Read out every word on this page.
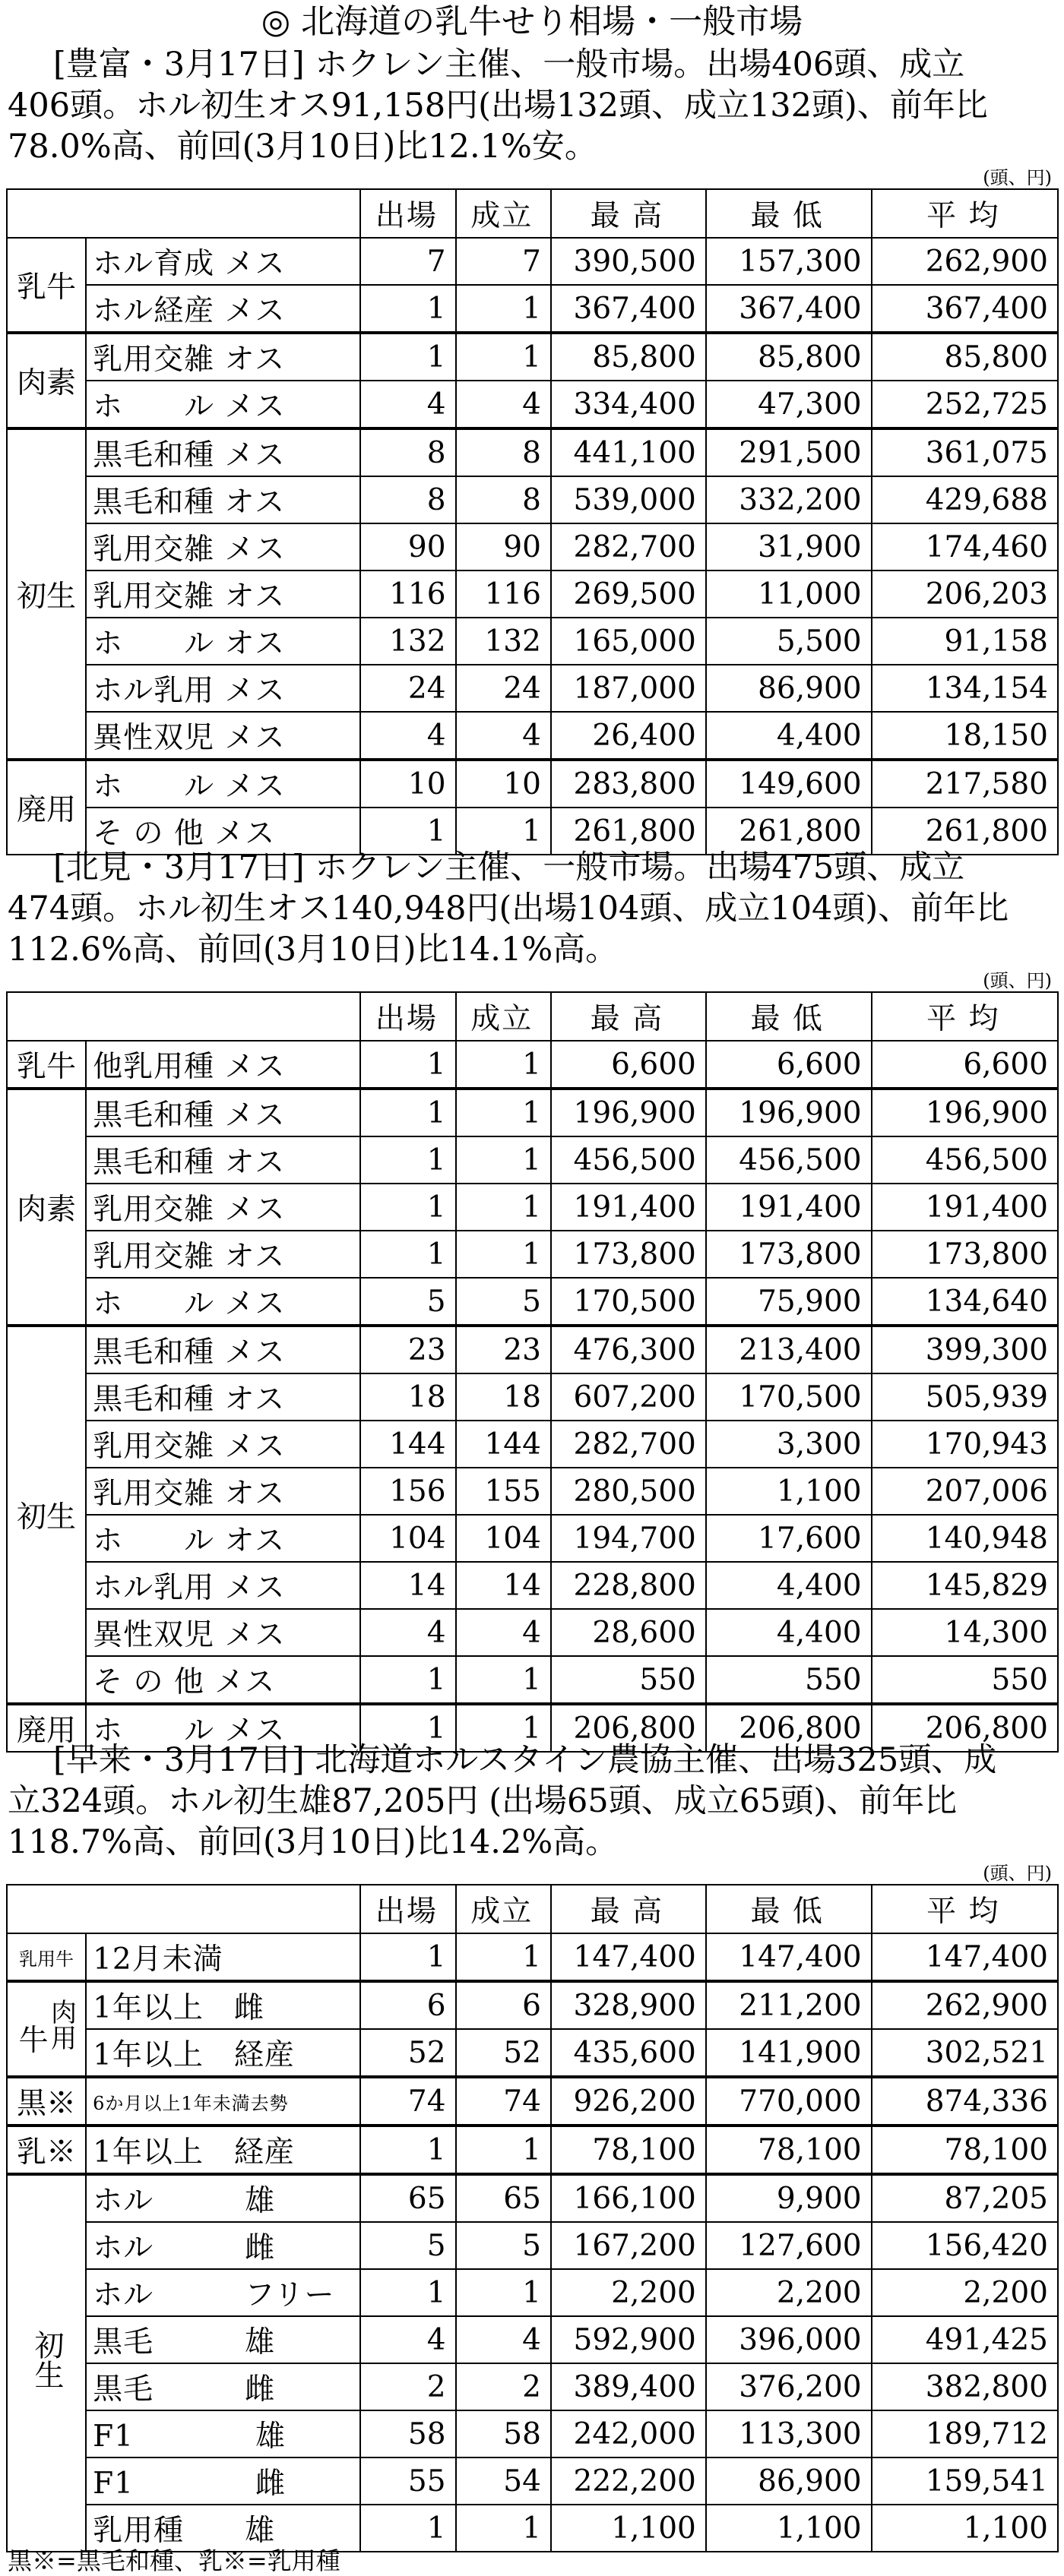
◎ 北海道の乳牛せり相場・一般市場

[豊富・3月17日] ホクレン主催、一般市場。出場406頭、成立
406頭。ホル初生オス91,158円(出場132頭、成立132頭)、前年比
78.0%高、前回(3月10日)比12.1%安。

(頭、円)
		出場	成立	最 高	最 低	平 均
乳牛	ホル育成 メス	7	7	390,500	157,300	262,900
	ホル経産 メス	1	1	367,400	367,400	367,400
肉素	乳用交雑 オス	1	1	85,800	85,800	85,800
	ホ　　ル メス	4	4	334,400	47,300	252,725
初生	黒毛和種 メス	8	8	441,100	291,500	361,075
	黒毛和種 オス	8	8	539,000	332,200	429,688
	乳用交雑 メス	90	90	282,700	31,900	174,460
	乳用交雑 オス	116	116	269,500	11,000	206,203
	ホ　　ル オス	132	132	165,000	5,500	91,158
	ホル乳用 メス	24	24	187,000	86,900	134,154
	異性双児 メス	4	4	26,400	4,400	18,150
廃用	ホ　　ル メス	10	10	283,800	149,600	217,580
	そ の 他 メス	1	1	261,800	261,800	261,800

[北見・3月17日] ホクレン主催、一般市場。出場475頭、成立
474頭。ホル初生オス140,948円(出場104頭、成立104頭)、前年比
112.6%高、前回(3月10日)比14.1%高。

(頭、円)
		出場	成立	最 高	最 低	平 均
乳牛	他乳用種 メス	1	1	6,600	6,600	6,600
肉素	黒毛和種 メス	1	1	196,900	196,900	196,900
	黒毛和種 オス	1	1	456,500	456,500	456,500
	乳用交雑 メス	1	1	191,400	191,400	191,400
	乳用交雑 オス	1	1	173,800	173,800	173,800
	ホ　　ル メス	5	5	170,500	75,900	134,640
初生	黒毛和種 メス	23	23	476,300	213,400	399,300
	黒毛和種 オス	18	18	607,200	170,500	505,939
	乳用交雑 メス	144	144	282,700	3,300	170,943
	乳用交雑 オス	156	155	280,500	1,100	207,006
	ホ　　ル オス	104	104	194,700	17,600	140,948
	ホル乳用 メス	14	14	228,800	4,400	145,829
	異性双児 メス	4	4	28,600	4,400	14,300
	そ の 他 メス	1	1	550	550	550
廃用	ホ　　ル メス	1	1	206,800	206,800	206,800

[早来・3月17日] 北海道ホルスタイン農協主催、出場325頭、成
立324頭。ホル初生雄87,205円 (出場65頭、成立65頭)、前年比
118.7%高、前回(3月10日)比14.2%高。

(頭、円)
		出場	成立	最 高	最 低	平 均
乳用牛	12月未満	1	1	147,400	147,400	147,400
牛肉用	1年以上　雌	6	6	328,900	211,200	262,900
	1年以上　経産	52	52	435,600	141,900	302,521
黒※	6か月以上1年未満去勢	74	74	926,200	770,000	874,336
乳※	1年以上　経産	1	1	78,100	78,100	78,100
初生	ホル　　　雄	65	65	166,100	9,900	87,205
	ホル　　　雌	5	5	167,200	127,600	156,420
	ホル　　　フリー	1	1	2,200	2,200	2,200
	黒毛　　　雄	4	4	592,900	396,000	491,425
	黒毛　　　雌	2	2	389,400	376,200	382,800
	F1　　　　雄	58	58	242,000	113,300	189,712
	F1　　　　雌	55	54	222,200	86,900	159,541
	乳用種　　雄	1	1	1,100	1,100	1,100

黒※=黒毛和種、乳※=乳用種
